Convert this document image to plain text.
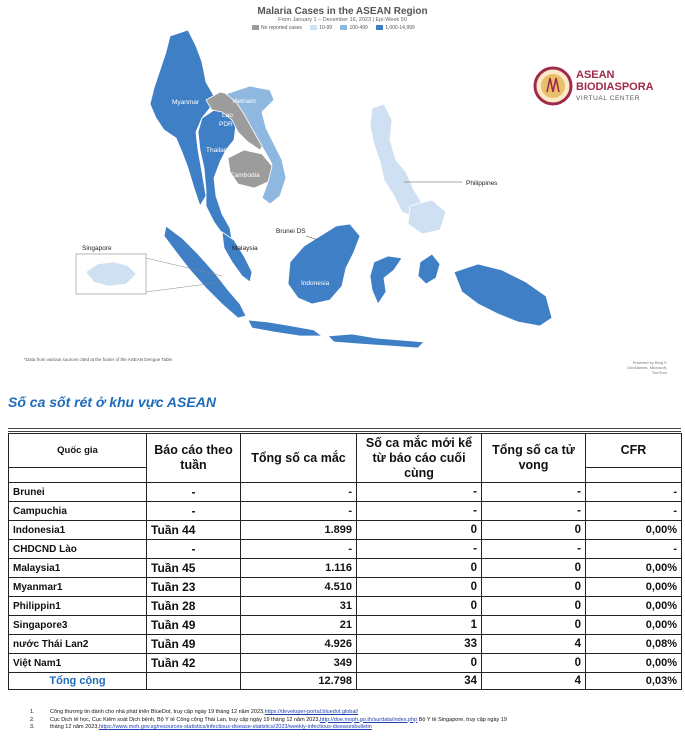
Malaria Cases in the ASEAN Region
From January 1 – December 16, 2023 | Epi-Week 50
No reported cases	10-99	100-499	1,000-14,999
Myanmar	Vietnam
Lao
PDR
Thailand
Cambodia
Philippines
Brunei DS
Malaysia
Indonesia
Singapore
*Data from various sources cited at the footer of the ASEAN Dengue Table.
Powered by Bing © GeoNames, Microsoft, TomTom
ASEAN
BIODIASPORA
VIRTUAL CENTER
Số ca sốt rét ở khu vực ASEAN
Quốc gia	Báo cáo theo tuần	Tổng số ca mắc	Số ca mắc mới kể từ báo cáo cuối cùng	Tổng số ca tử vong	CFR

Brunei	-	-	-	-	-
Campuchia	-	-	-	-	-
Indonesia1	Tuần 44	1.899	0	0	0,00%
CHDCND Lào	-	-	-	-	-
Malaysia1	Tuần 45	1.116	0	0	0,00%
Myanmar1	Tuần 23	4.510	0	0	0,00%
Philippin1	Tuần 28	31	0	0	0,00%
Singapore3	Tuần 49	21	1	0	0,00%
nước Thái Lan2	Tuần 49	4.926	33	4	0,08%
Việt Nam1	Tuần 42	349	0	0	0,00%
Tổng cộng		12.798	34	4	0,03%
1.	Công thương tin dành cho nhà phát triển BlueDot, truy cập ngày 19 tháng 12 năm 2023,https://developer-portal.bluedot.global/
2.	Cục Dịch tễ học, Cục Kiểm soát Dịch bệnh, Bộ Y tế Công cộng Thái Lan, truy cập ngày 19 tháng 12 năm 2023,http://doe.moph.go.th/surdata/index.php Bộ Y tế Singapore, truy cập ngày 19
3.	tháng 12 năm 2023,https://www.moh.gov.sg/resources-statistics/infectious-disease-statistics/2023/weekly-infectious-diseasesbulletin
